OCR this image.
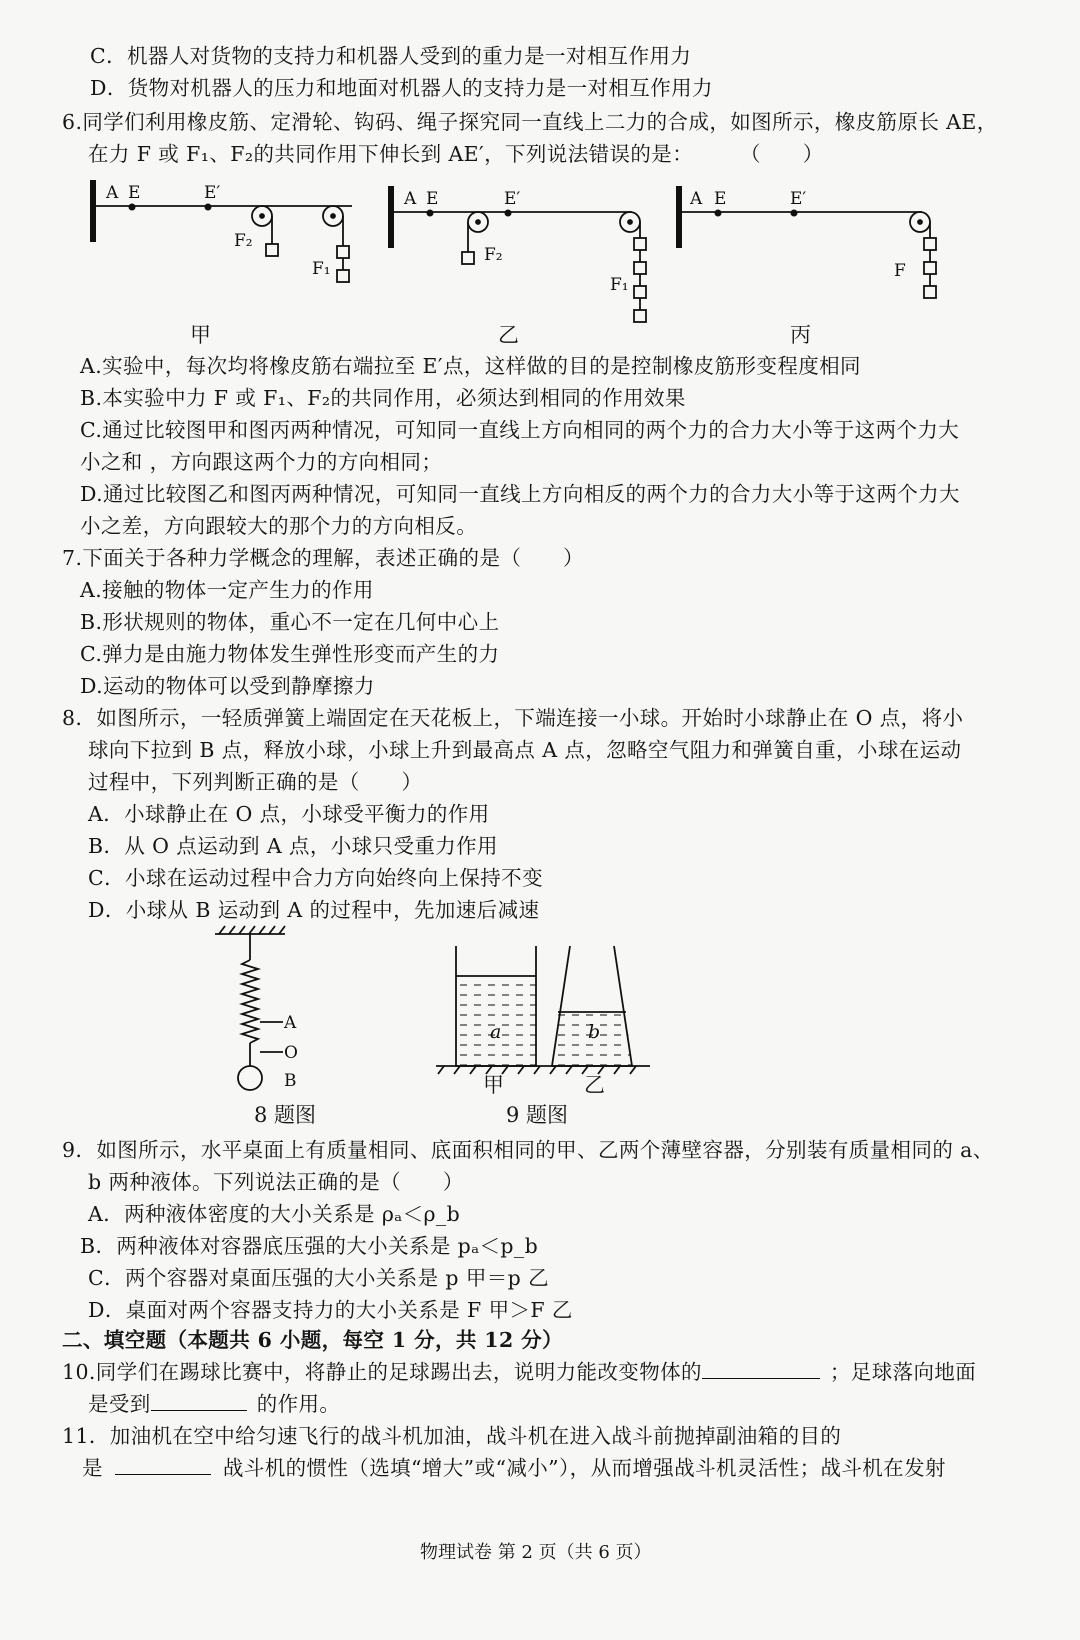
C．机器人对货物的支持力和机器人受到的重力是一对相互作用力
D．货物对机器人的压力和地面对机器人的支持力是一对相互作用力
6.同学们利用橡皮筋、定滑轮、钩码、绳子探究同一直线上二力的合成，如图所示，橡皮筋原长 AE，
在力 F 或 F₁、F₂的共同作用下伸长到 AE′，下列说法错误的是： （　　）
A E	E′
F₂
F₁
A E	E′
F₂
F₁
A E	E′
F
甲	乙	丙
A.实验中，每次均将橡皮筋右端拉至 E′点，这样做的目的是控制橡皮筋形变程度相同
B.本实验中力 F 或 F₁、F₂的共同作用，必须达到相同的作用效果
C.通过比较图甲和图丙两种情况，可知同一直线上方向相同的两个力的合力大小等于这两个力大
小之和 ，方向跟这两个力的方向相同；
D.通过比较图乙和图丙两种情况，可知同一直线上方向相反的两个力的合力大小等于这两个力大
小之差，方向跟较大的那个力的方向相反。
7.下面关于各种力学概念的理解，表述正确的是（　　）
A.接触的物体一定产生力的作用
B.形状规则的物体，重心不一定在几何中心上
C.弹力是由施力物体发生弹性形变而产生的力
D.运动的物体可以受到静摩擦力
8．如图所示，一轻质弹簧上端固定在天花板上，下端连接一小球。开始时小球静止在 O 点，将小
球向下拉到 B 点，释放小球，小球上升到最高点 A 点，忽略空气阻力和弹簧自重，小球在运动
过程中，下列判断正确的是（　　）
A．小球静止在 O 点，小球受平衡力的作用
B．从 O 点运动到 A 点，小球只受重力作用
C．小球在运动过程中合力方向始终向上保持不变
D．小球从 B 运动到 A 的过程中，先加速后减速
A
O
B
a	b
甲	乙
8 题图	9 题图
9．如图所示，水平桌面上有质量相同、底面积相同的甲、乙两个薄壁容器，分别装有质量相同的 a、
b 两种液体。下列说法正确的是（　　）
A．两种液体密度的大小关系是 ρₐ＜ρ_b
B．两种液体对容器底压强的大小关系是 pₐ＜p_b
C．两个容器对桌面压强的大小关系是 p 甲＝p 乙
D．桌面对两个容器支持力的大小关系是 F 甲＞F 乙
二、填空题（本题共 6 小题，每空 1 分，共 12 分）
10.同学们在踢球比赛中，将静止的足球踢出去，说明力能改变物体的	；足球落向地面
是受到	的作用。
11．加油机在空中给匀速飞行的战斗机加油，战斗机在进入战斗前抛掉副油箱的目的
是	战斗机的惯性（选填“增大”或“减小”），从而增强战斗机灵活性；战斗机在发射
物理试卷 第 2 页（共 6 页）
